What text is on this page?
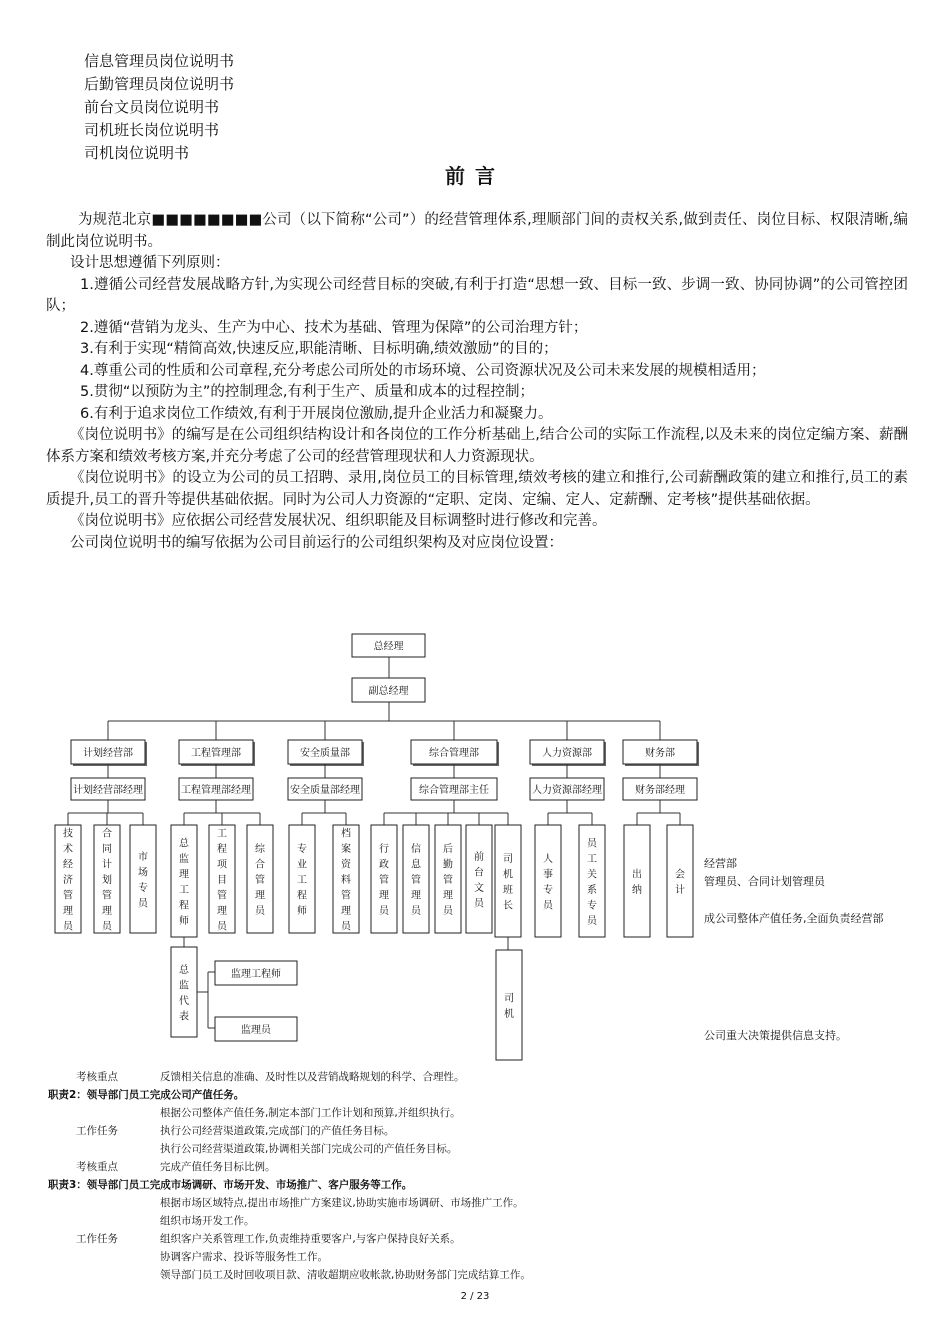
信息管理员岗位说明书
后勤管理员岗位说明书
前台文员岗位说明书
司机班长岗位说明书
司机岗位说明书
前言

为规范北京■■■■■■■■公司（以下简称“公司”）的经营管理体系,理顺部门间的责权关系,做到责任、岗位目标、权限清晰,编制此岗位说明书。

设计思想遵循下列原则：

1.遵循公司经营发展战略方针,为实现公司经营目标的突破,有利于打造“思想一致、目标一致、步调一致、协同协调”的公司管控团队；

2.遵循“营销为龙头、生产为中心、技术为基础、管理为保障”的公司治理方针；

3.有利于实现“精简高效,快速反应,职能清晰、目标明确,绩效激励”的目的；

4.尊重公司的性质和公司章程,充分考虑公司所处的市场环境、公司资源状况及公司未来发展的规模相适用；

5.贯彻“以预防为主”的控制理念,有利于生产、质量和成本的过程控制；

6.有利于追求岗位工作绩效,有利于开展岗位激励,提升企业活力和凝聚力。

《岗位说明书》的编写是在公司组织结构设计和各岗位的工作分析基础上,结合公司的实际工作流程,以及未来的岗位定编方案、薪酬体系方案和绩效考核方案,并充分考虑了公司的经营管理现状和人力资源现状。

《岗位说明书》的设立为公司的员工招聘、录用,岗位员工的目标管理,绩效考核的建立和推行,公司薪酬政策的建立和推行,员工的素质提升,员工的晋升等提供基础依据。同时为公司人力资源的“定职、定岗、定编、定人、定薪酬、定考核”提供基础依据。

《岗位说明书》应依据公司经营发展状况、组织职能及目标调整时进行修改和完善。

公司岗位说明书的编写依据为公司目前运行的公司组织架构及对应岗位设置：

总经理
副总经理
计划经营部
计划经营部经理
技术经济管理员
合同计划管理员
市场专员
工程管理部
工程管理部经理
总监理工程师
工程项目管理员
综合管理员
安全质量部
安全质量部经理
专业工程师
档案资料管理员
综合管理部
综合管理部主任
行政管理员
信息管理员
后勤管理员
前台文员
司机班长
人力资源部
人力资源部经理
人事专员
员工关系专员
财务部
财务部经理
出纳
会计
总监代表
监理工程师
监理员
司机
经营部
管理员、合同计划管理员
成公司整体产值任务,全面负责经营部
公司重大决策提供信息支持。
考核重点	反馈相关信息的准确、及时性以及营销战略规划的科学、合理性。
职责2：领导部门员工完成公司产值任务。
根据公司整体产值任务,制定本部门工作计划和预算,并组织执行。
工作任务	执行公司经营渠道政策,完成部门的产值任务目标。
执行公司经营渠道政策,协调相关部门完成公司的产值任务目标。
考核重点	完成产值任务目标比例。
职责3：领导部门员工完成市场调研、市场开发、市场推广、客户服务等工作。
根据市场区域特点,提出市场推广方案建议,协助实施市场调研、市场推广工作。
组织市场开发工作。
工作任务	组织客户关系管理工作,负责维持重要客户,与客户保持良好关系。
协调客户需求、投诉等服务性工作。
领导部门员工及时回收项目款、清收超期应收帐款,协助财务部门完成结算工作。
2 / 23
